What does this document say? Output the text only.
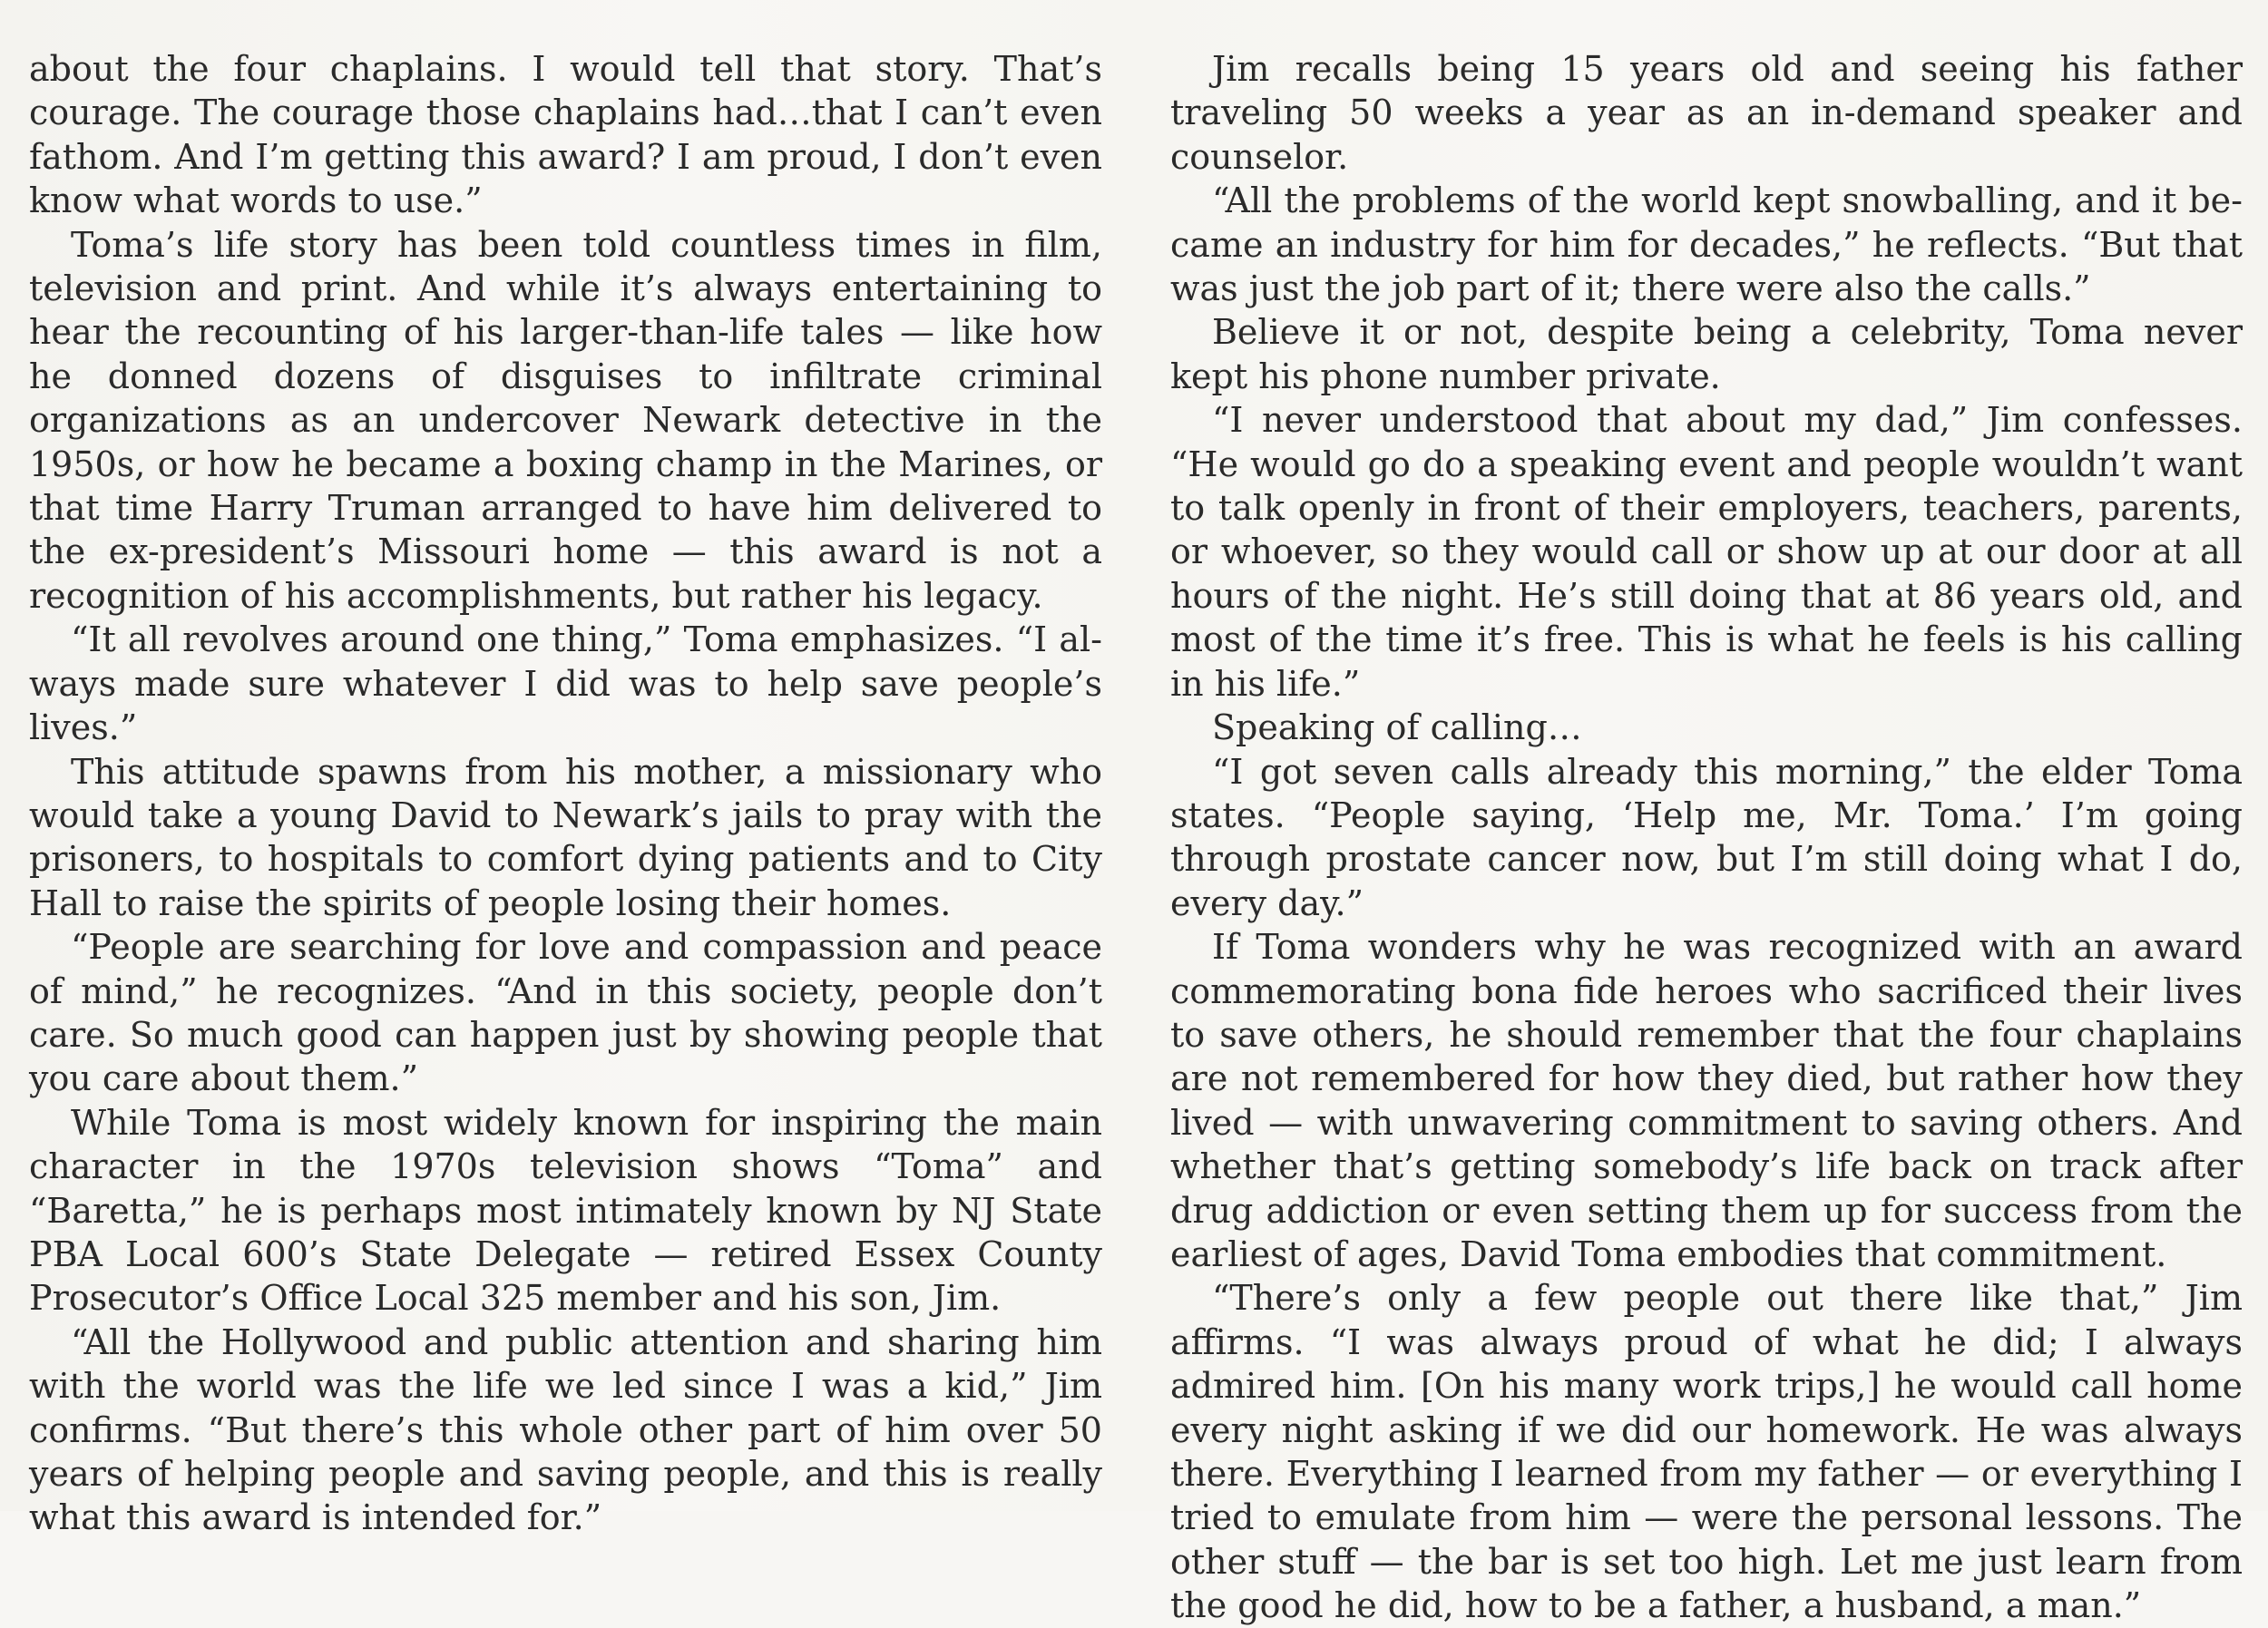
about the four chaplains. I would tell that story. That’s courage. The courage those chaplains had…that I can’t even fathom. And I’m getting this award? I am proud, I don’t even know what words to use.”

Toma’s life story has been told countless times in film, television and print. And while it’s always entertaining to hear the recounting of his larger-than-life tales — like how he donned dozens of disguises to infiltrate criminal organizations as an undercover Newark detective in the 1950s, or how he became a boxing champ in the Marines, or that time Harry Truman arranged to have him delivered to the ex-president’s Missouri home — this award is not a recognition of his accomplishments, but rather his legacy.

“It all revolves around one thing,” Toma emphasizes. “I always made sure whatever I did was to help save people’s lives.”

This attitude spawns from his mother, a missionary who would take a young David to Newark’s jails to pray with the prisoners, to hospitals to comfort dying patients and to City Hall to raise the spirits of people losing their homes.

“People are searching for love and compassion and peace of mind,” he recognizes. “And in this society, people don’t care. So much good can happen just by showing people that you care about them.”

While Toma is most widely known for inspiring the main character in the 1970s television shows “Toma” and “Baretta,” he is perhaps most intimately known by NJ State PBA Local 600’s State Delegate — retired Essex County Prosecutor’s Office Local 325 member and his son, Jim.

“All the Hollywood and public attention and sharing him with the world was the life we led since I was a kid,” Jim confirms. “But there’s this whole other part of him over 50 years of helping people and saving people, and this is really what this award is intended for.”

Jim recalls being 15 years old and seeing his father traveling 50 weeks a year as an in-demand speaker and counselor.

“All the problems of the world kept snowballing, and it became an industry for him for decades,” he reflects. “But that was just the job part of it; there were also the calls.”

Believe it or not, despite being a celebrity, Toma never kept his phone number private.

“I never understood that about my dad,” Jim confesses. “He would go do a speaking event and people wouldn’t want to talk openly in front of their employers, teachers, parents, or whoever, so they would call or show up at our door at all hours of the night. He’s still doing that at 86 years old, and most of the time it’s free. This is what he feels is his calling in his life.”

Speaking of calling…

“I got seven calls already this morning,” the elder Toma states. “People saying, ‘Help me, Mr. Toma.’ I’m going through prostate cancer now, but I’m still doing what I do, every day.”

If Toma wonders why he was recognized with an award commemorating bona fide heroes who sacrificed their lives to save others, he should remember that the four chaplains are not remembered for how they died, but rather how they lived — with unwavering commitment to saving others. And whether that’s getting somebody’s life back on track after drug addiction or even setting them up for success from the earliest of ages, David Toma embodies that commitment.

“There’s only a few people out there like that,” Jim affirms. “I was always proud of what he did; I always admired him. [On his many work trips,] he would call home every night asking if we did our homework. He was always there. Everything I learned from my father — or everything I tried to emulate from him — were the personal lessons. The other stuff — the bar is set too high. Let me just learn from the good he did, how to be a father, a husband, a man.”
